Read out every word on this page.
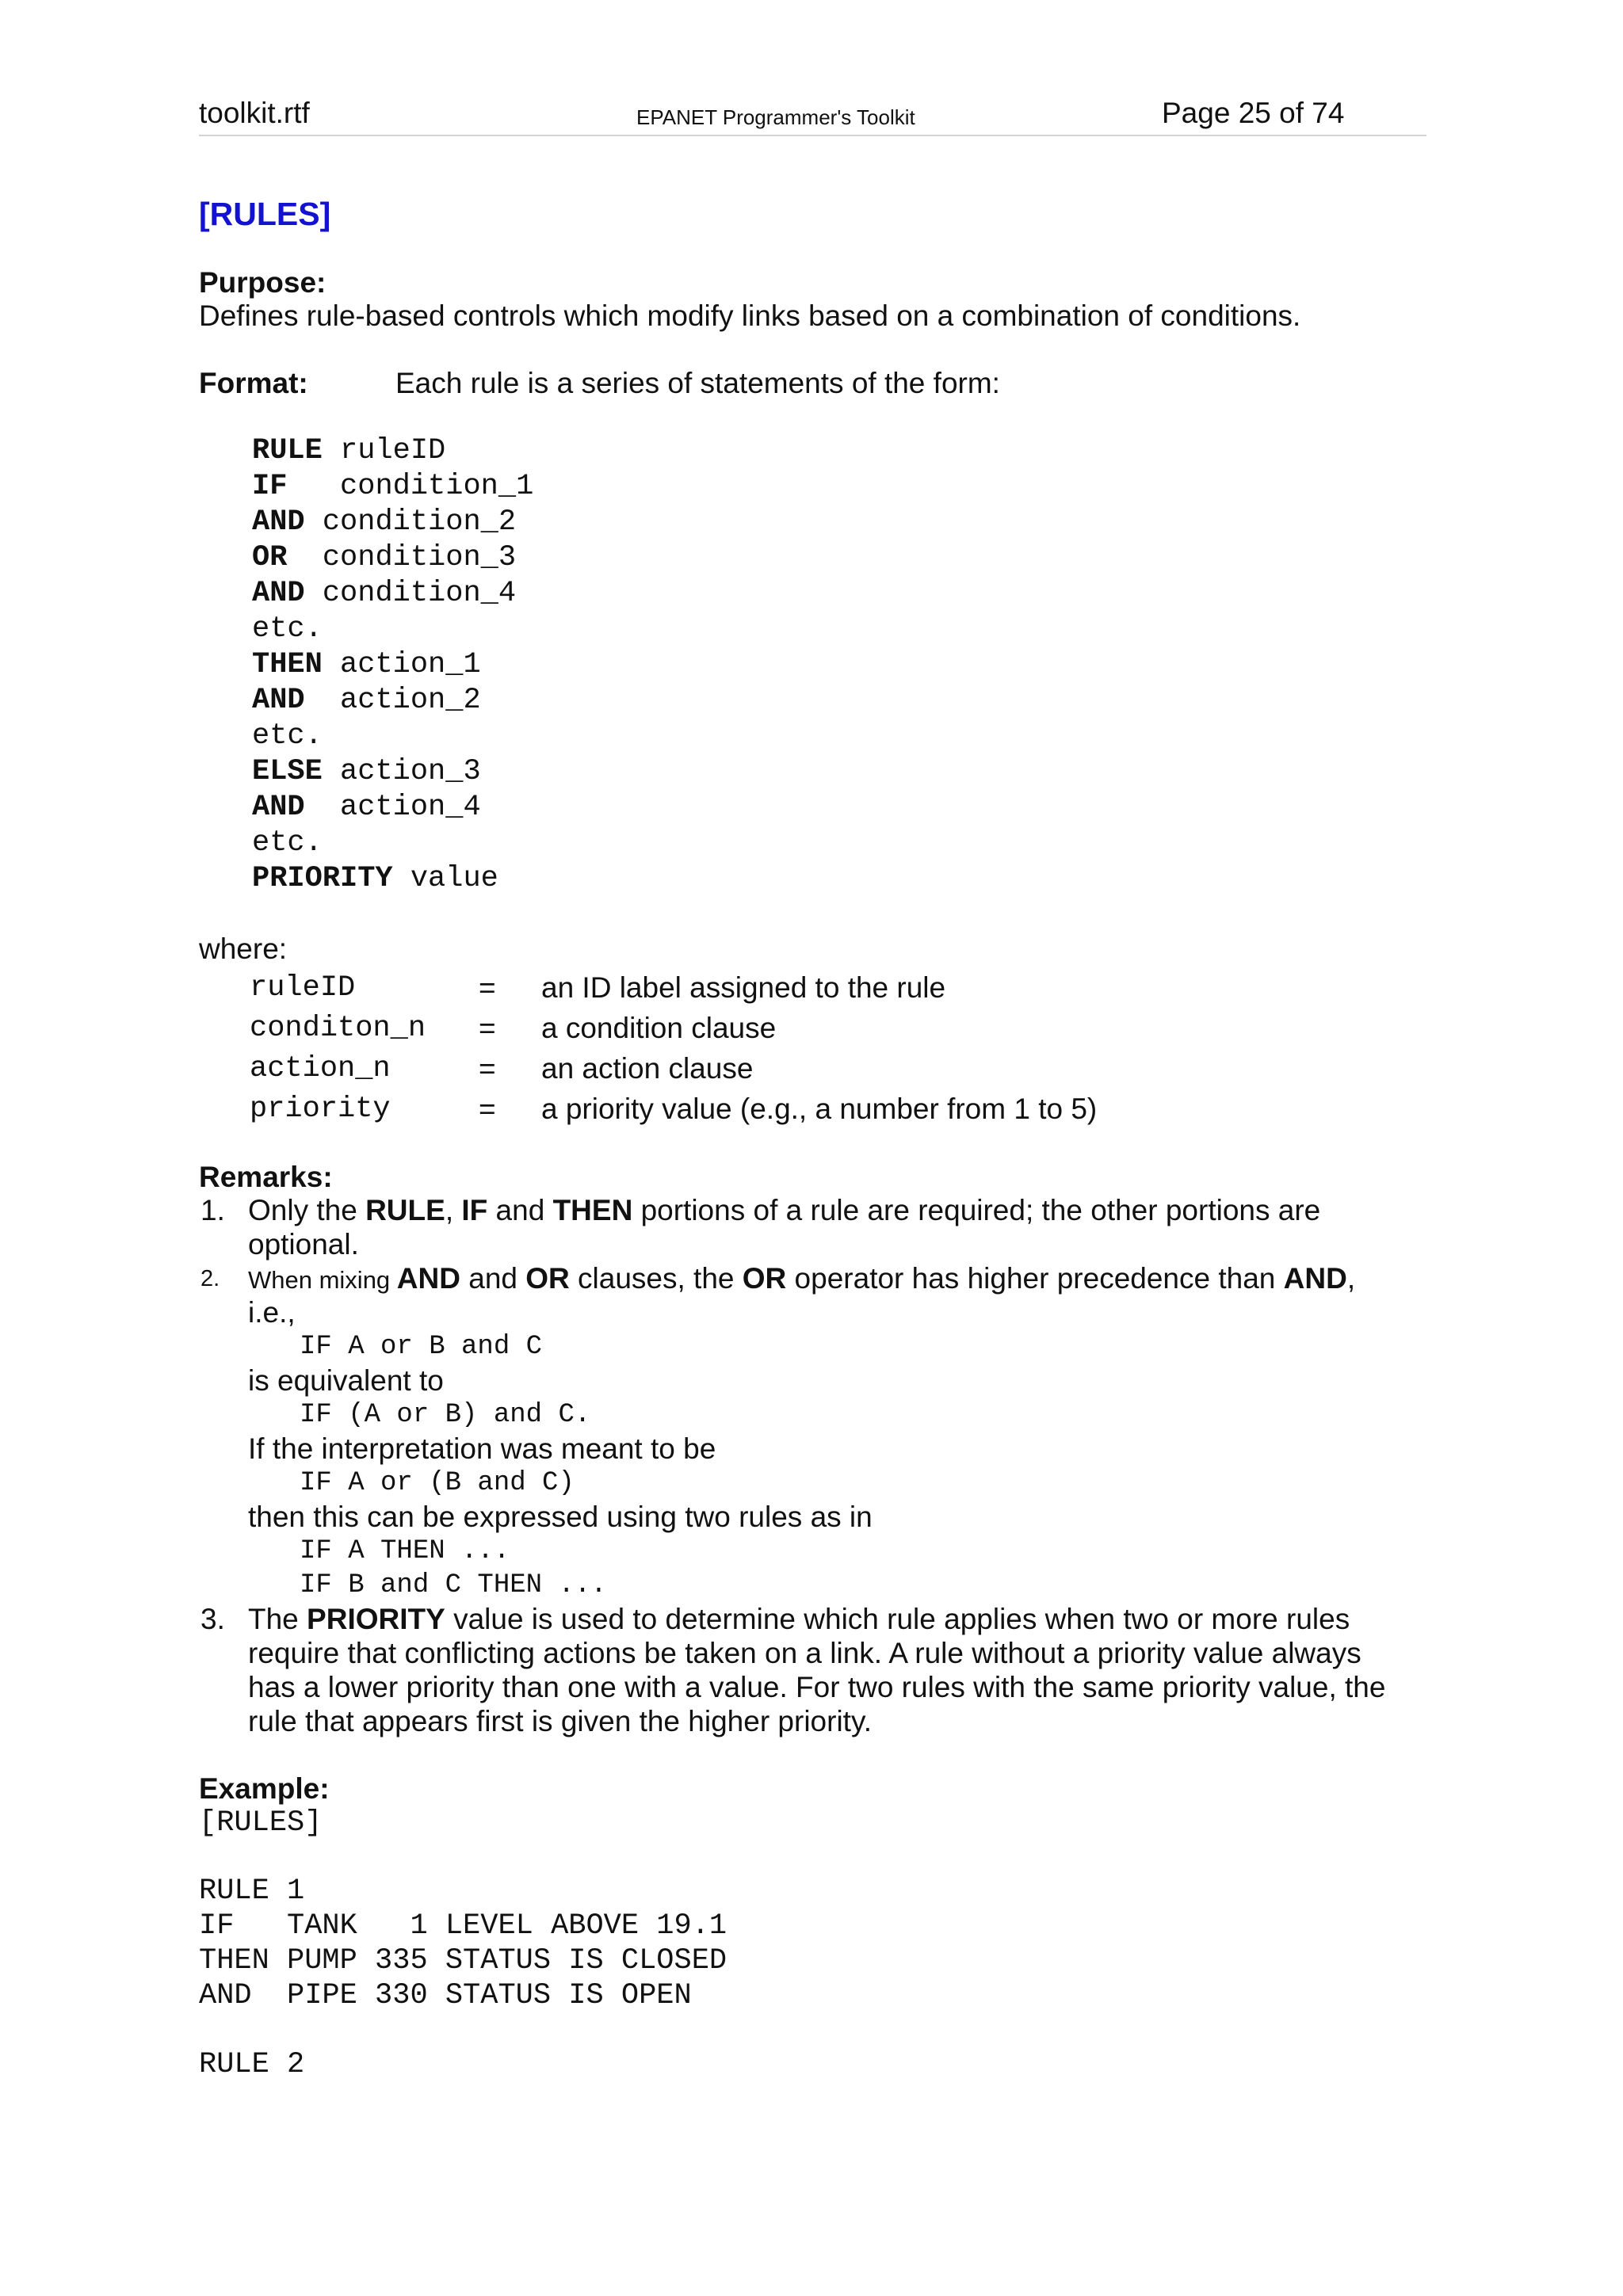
toolkit.rtf	EPANET Programmer's Toolkit	Page 25 of 74
[RULES]
Purpose:
Defines rule-based controls which modify links based on a combination of conditions.
Format:	Each rule is a series of statements of the form:
RULE ruleID
IF   condition_1
AND condition_2
OR  condition_3
AND condition_4
etc.
THEN action_1
AND  action_2
etc.
ELSE action_3
AND  action_4
etc.
PRIORITY value
where:
ruleID	= an ID label assigned to the rule
conditon_n = a condition clause
action_n	= an action clause
priority	= a priority value (e.g., a number from 1 to 5)
Remarks:
1. Only the RULE, IF and THEN portions of a rule are required; the other portions are
optional.
2. When mixing AND and OR clauses, the OR operator has higher precedence than AND,
i.e.,
IF A or B and C
is equivalent to
IF (A or B) and C.
If the interpretation was meant to be
IF A or (B and C)
then this can be expressed using two rules as in
IF A THEN ...
IF B and C THEN ...
3. The PRIORITY value is used to determine which rule applies when two or more rules
require that conflicting actions be taken on a link. A rule without a priority value always
has a lower priority than one with a value. For two rules with the same priority value, the
rule that appears first is given the higher priority.
Example:
[RULES]
RULE 1
IF   TANK   1 LEVEL ABOVE 19.1
THEN PUMP 335 STATUS IS CLOSED
AND  PIPE 330 STATUS IS OPEN
RULE 2
